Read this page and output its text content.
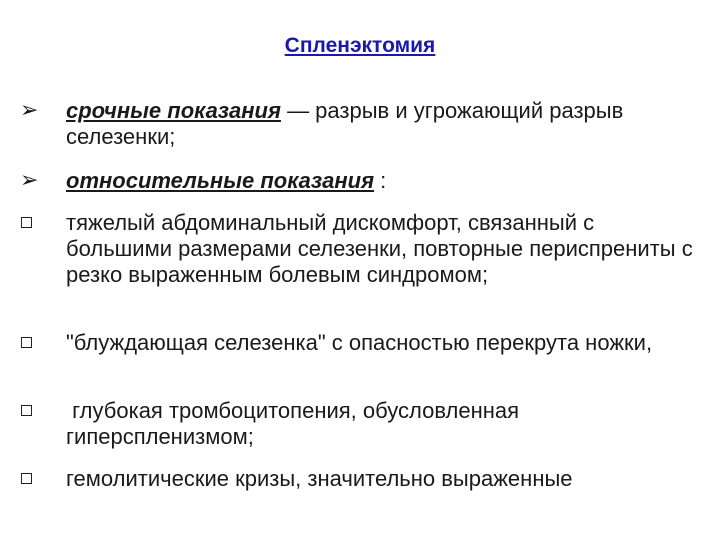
Спленэктомия
➢	срочные показания — разрыв и угрожающий разрыв селезенки;
➢	относительные показания :
тяжелый абдоминальный дискомфорт, связанный с большими размерами селезенки, повторные периспрениты с резко выраженным болевым синдромом;
"блуждающая селезенка" с опасностью перекрута ножки,
глубокая тромбоцитопения, обусловленная гиперспленизмом;
гемолитические кризы, значительно выраженные
